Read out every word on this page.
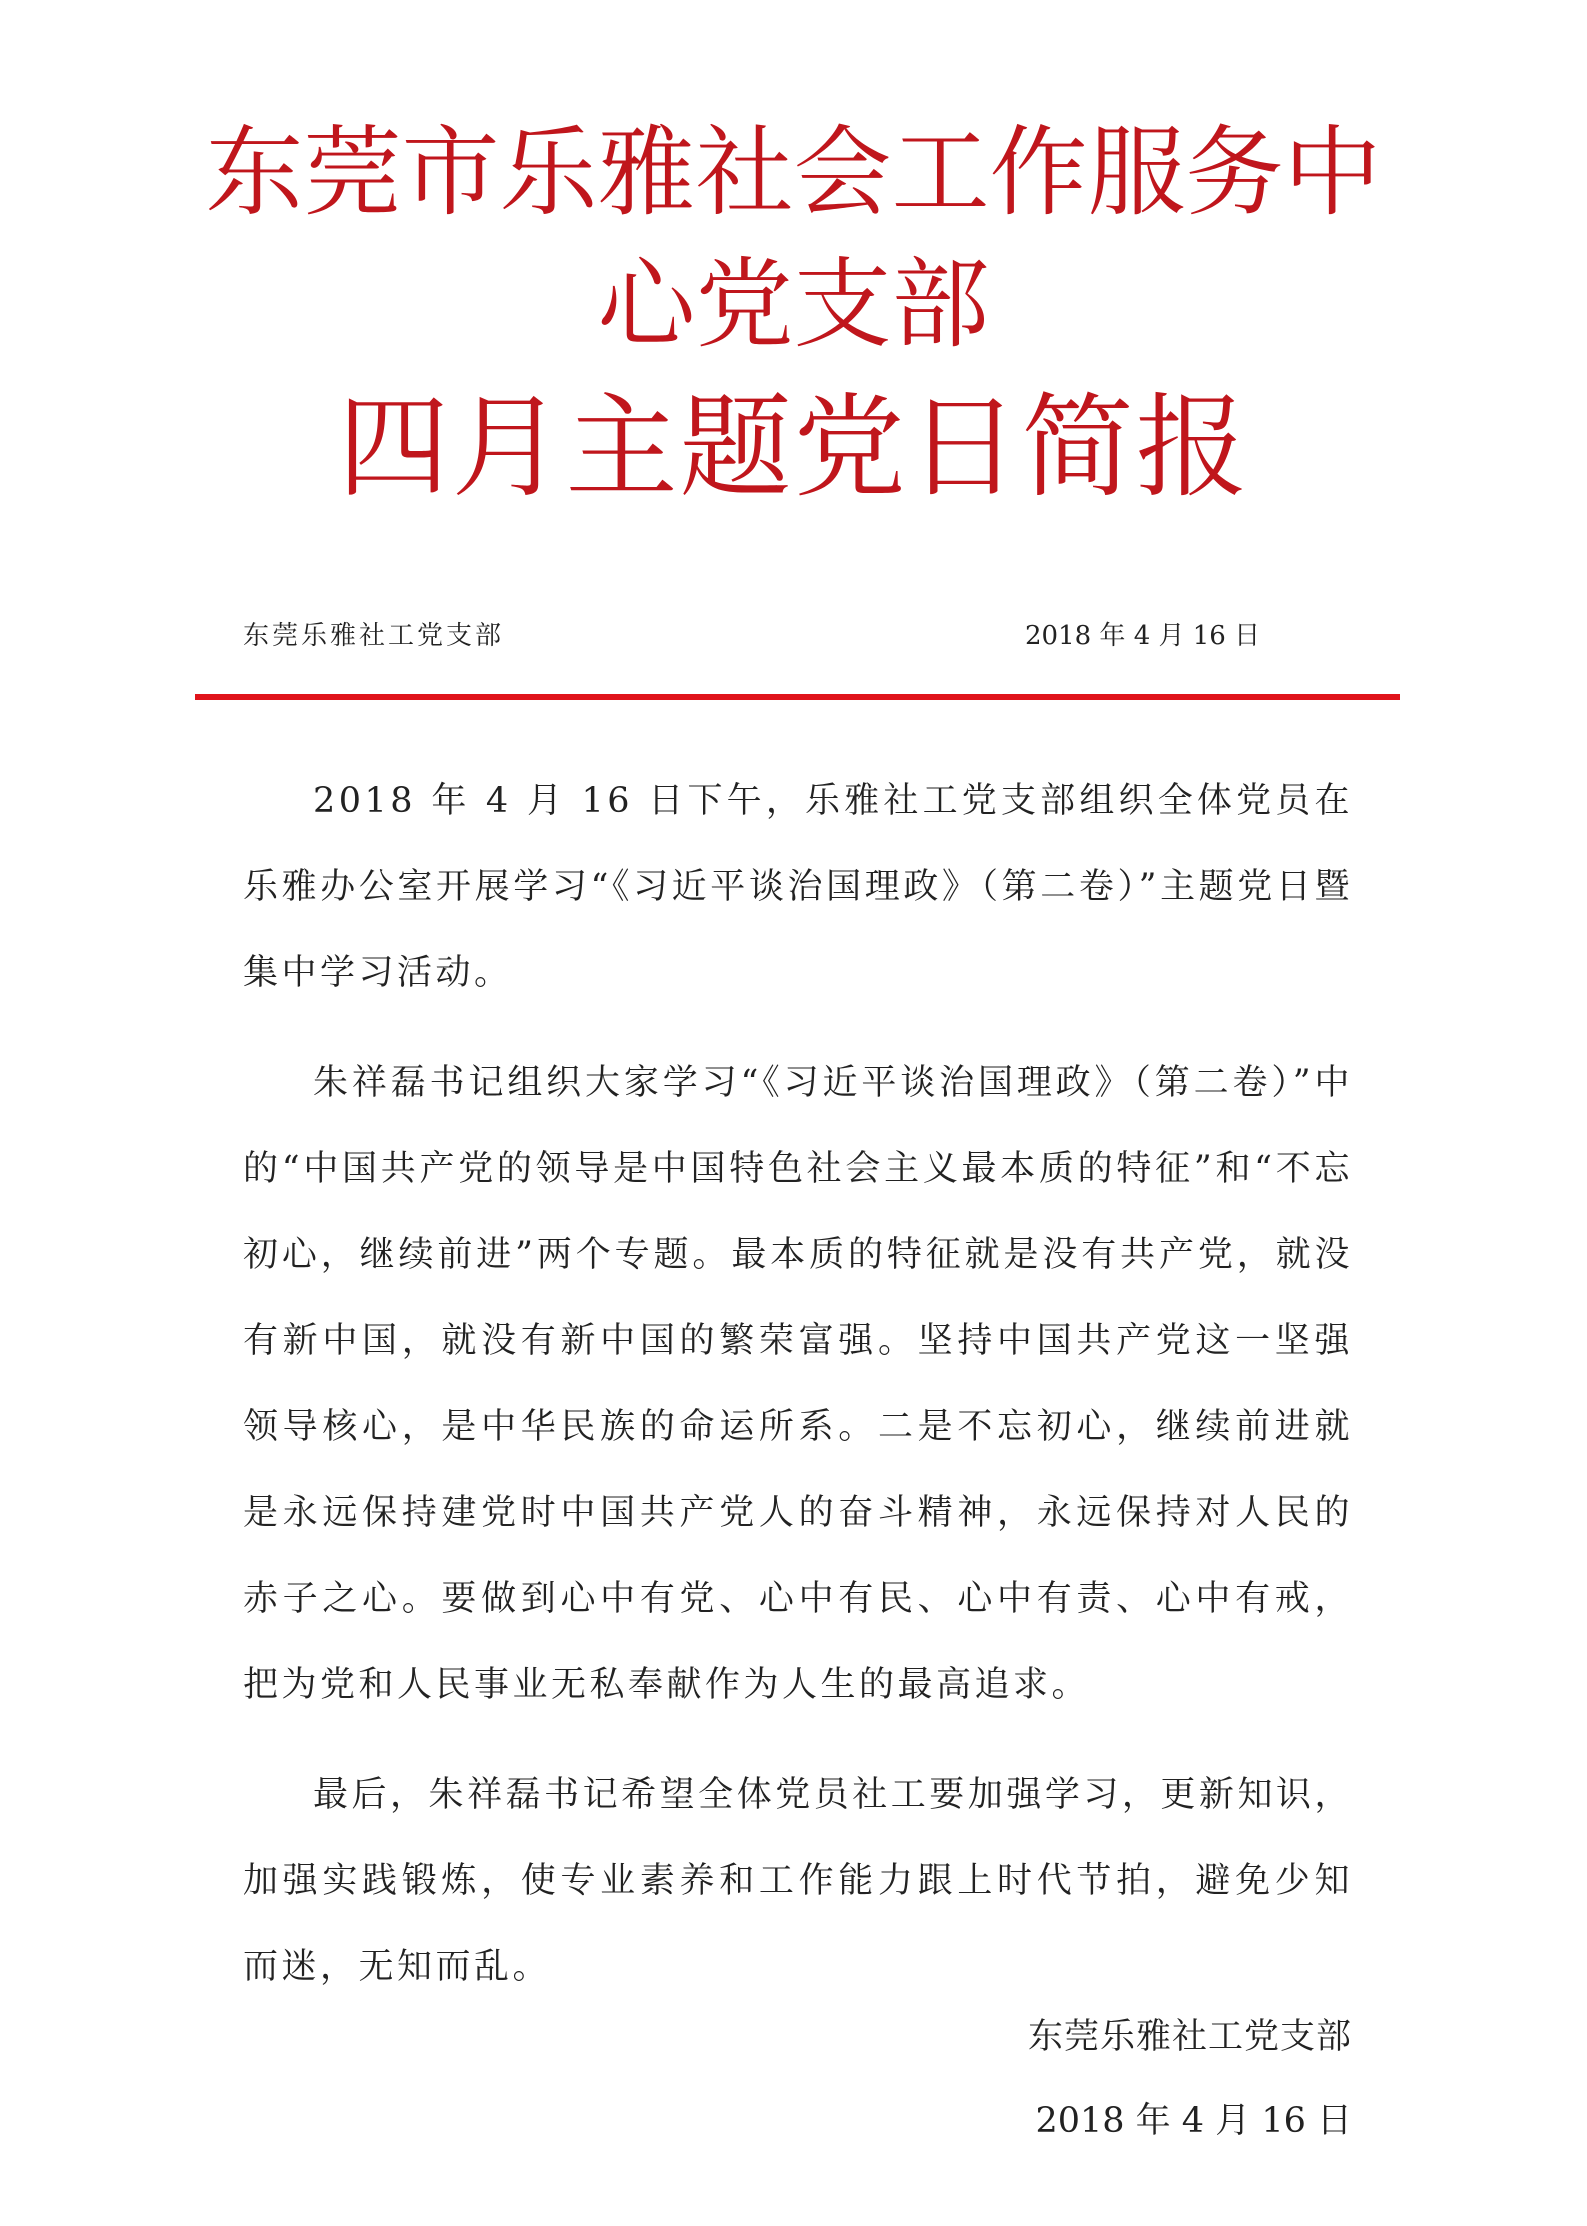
东莞市乐雅社会工作服务中
心党支部
四月主题党日简报
东莞乐雅社工党支部	2018 年 4 月 16 日

2018 年 4 月 16 日下午，乐雅社工党支部组织全体党员在乐雅办公室开展学习“《习近平谈治国理政》（第二卷）”主题党日暨集中学习活动。

朱祥磊书记组织大家学习“《习近平谈治国理政》（第二卷）”中的“中国共产党的领导是中国特色社会主义最本质的特征”和“不忘初心，继续前进”两个专题。最本质的特征就是没有共产党，就没有新中国，就没有新中国的繁荣富强。坚持中国共产党这一坚强领导核心，是中华民族的命运所系。二是不忘初心，继续前进就是永远保持建党时中国共产党人的奋斗精神，永远保持对人民的赤子之心。要做到心中有党、心中有民、心中有责、心中有戒，把为党和人民事业无私奉献作为人生的最高追求。

最后，朱祥磊书记希望全体党员社工要加强学习，更新知识，加强实践锻炼，使专业素养和工作能力跟上时代节拍，避免少知而迷，无知而乱。

东莞乐雅社工党支部
2018 年 4 月 16 日
